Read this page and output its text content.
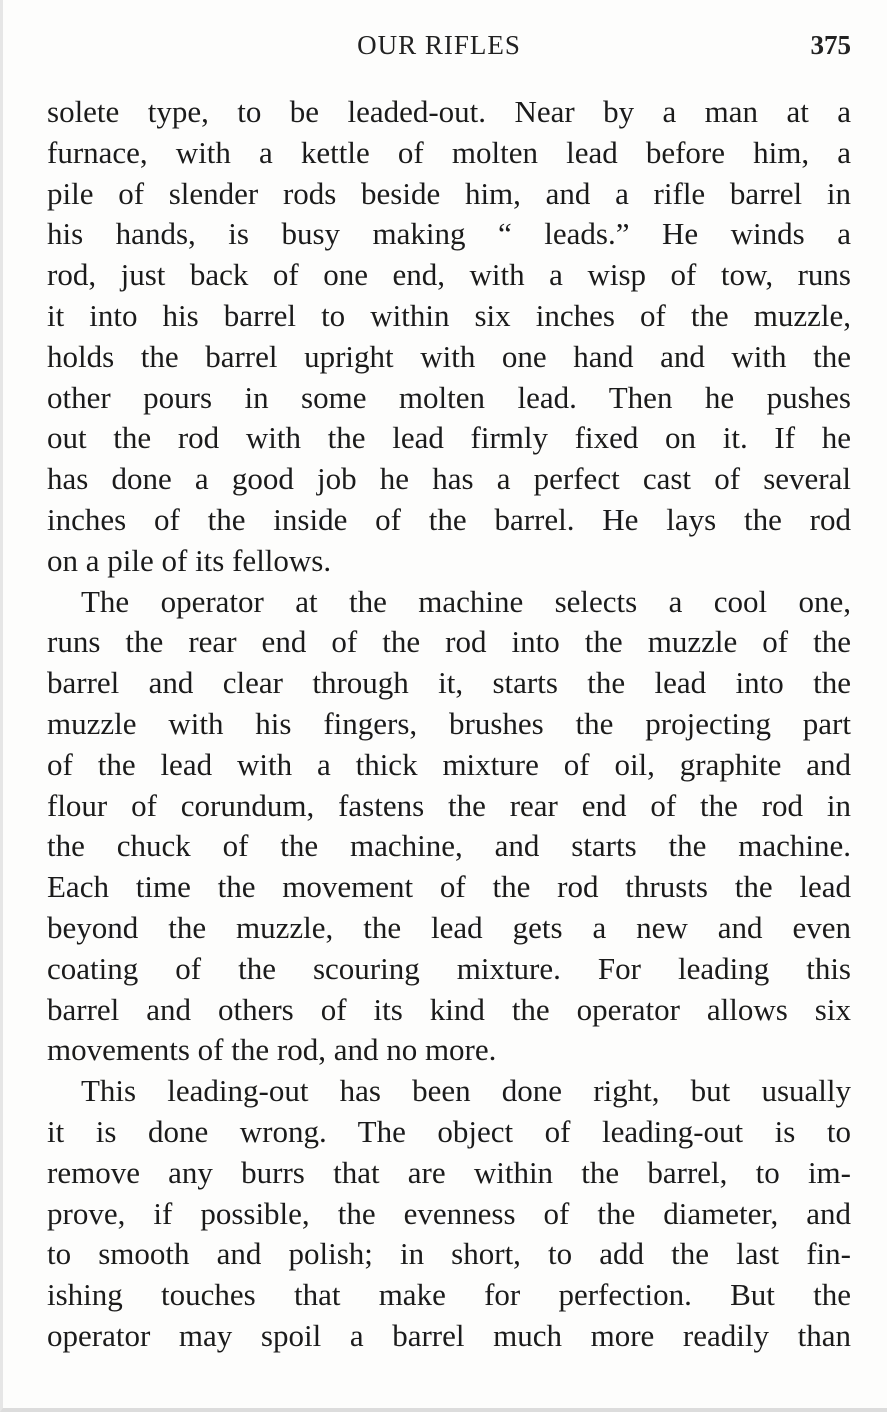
OUR RIFLES	375
solete type, to be leaded-out. Near by a man at a
furnace, with a kettle of molten lead before him, a
pile of slender rods beside him, and a rifle barrel in
his hands, is busy making “ leads.” He winds a
rod, just back of one end, with a wisp of tow, runs
it into his barrel to within six inches of the muzzle,
holds the barrel upright with one hand and with the
other pours in some molten lead. Then he pushes
out the rod with the lead firmly fixed on it. If he
has done a good job he has a perfect cast of several
inches of the inside of the barrel. He lays the rod
on a pile of its fellows.
The operator at the machine selects a cool one,
runs the rear end of the rod into the muzzle of the
barrel and clear through it, starts the lead into the
muzzle with his fingers, brushes the projecting part
of the lead with a thick mixture of oil, graphite and
flour of corundum, fastens the rear end of the rod in
the chuck of the machine, and starts the machine.
Each time the movement of the rod thrusts the lead
beyond the muzzle, the lead gets a new and even
coating of the scouring mixture. For leading this
barrel and others of its kind the operator allows six
movements of the rod, and no more.
This leading-out has been done right, but usually
it is done wrong. The object of leading-out is to
remove any burrs that are within the barrel, to im-
prove, if possible, the evenness of the diameter, and
to smooth and polish; in short, to add the last fin-
ishing touches that make for perfection. But the
operator may spoil a barrel much more readily than
